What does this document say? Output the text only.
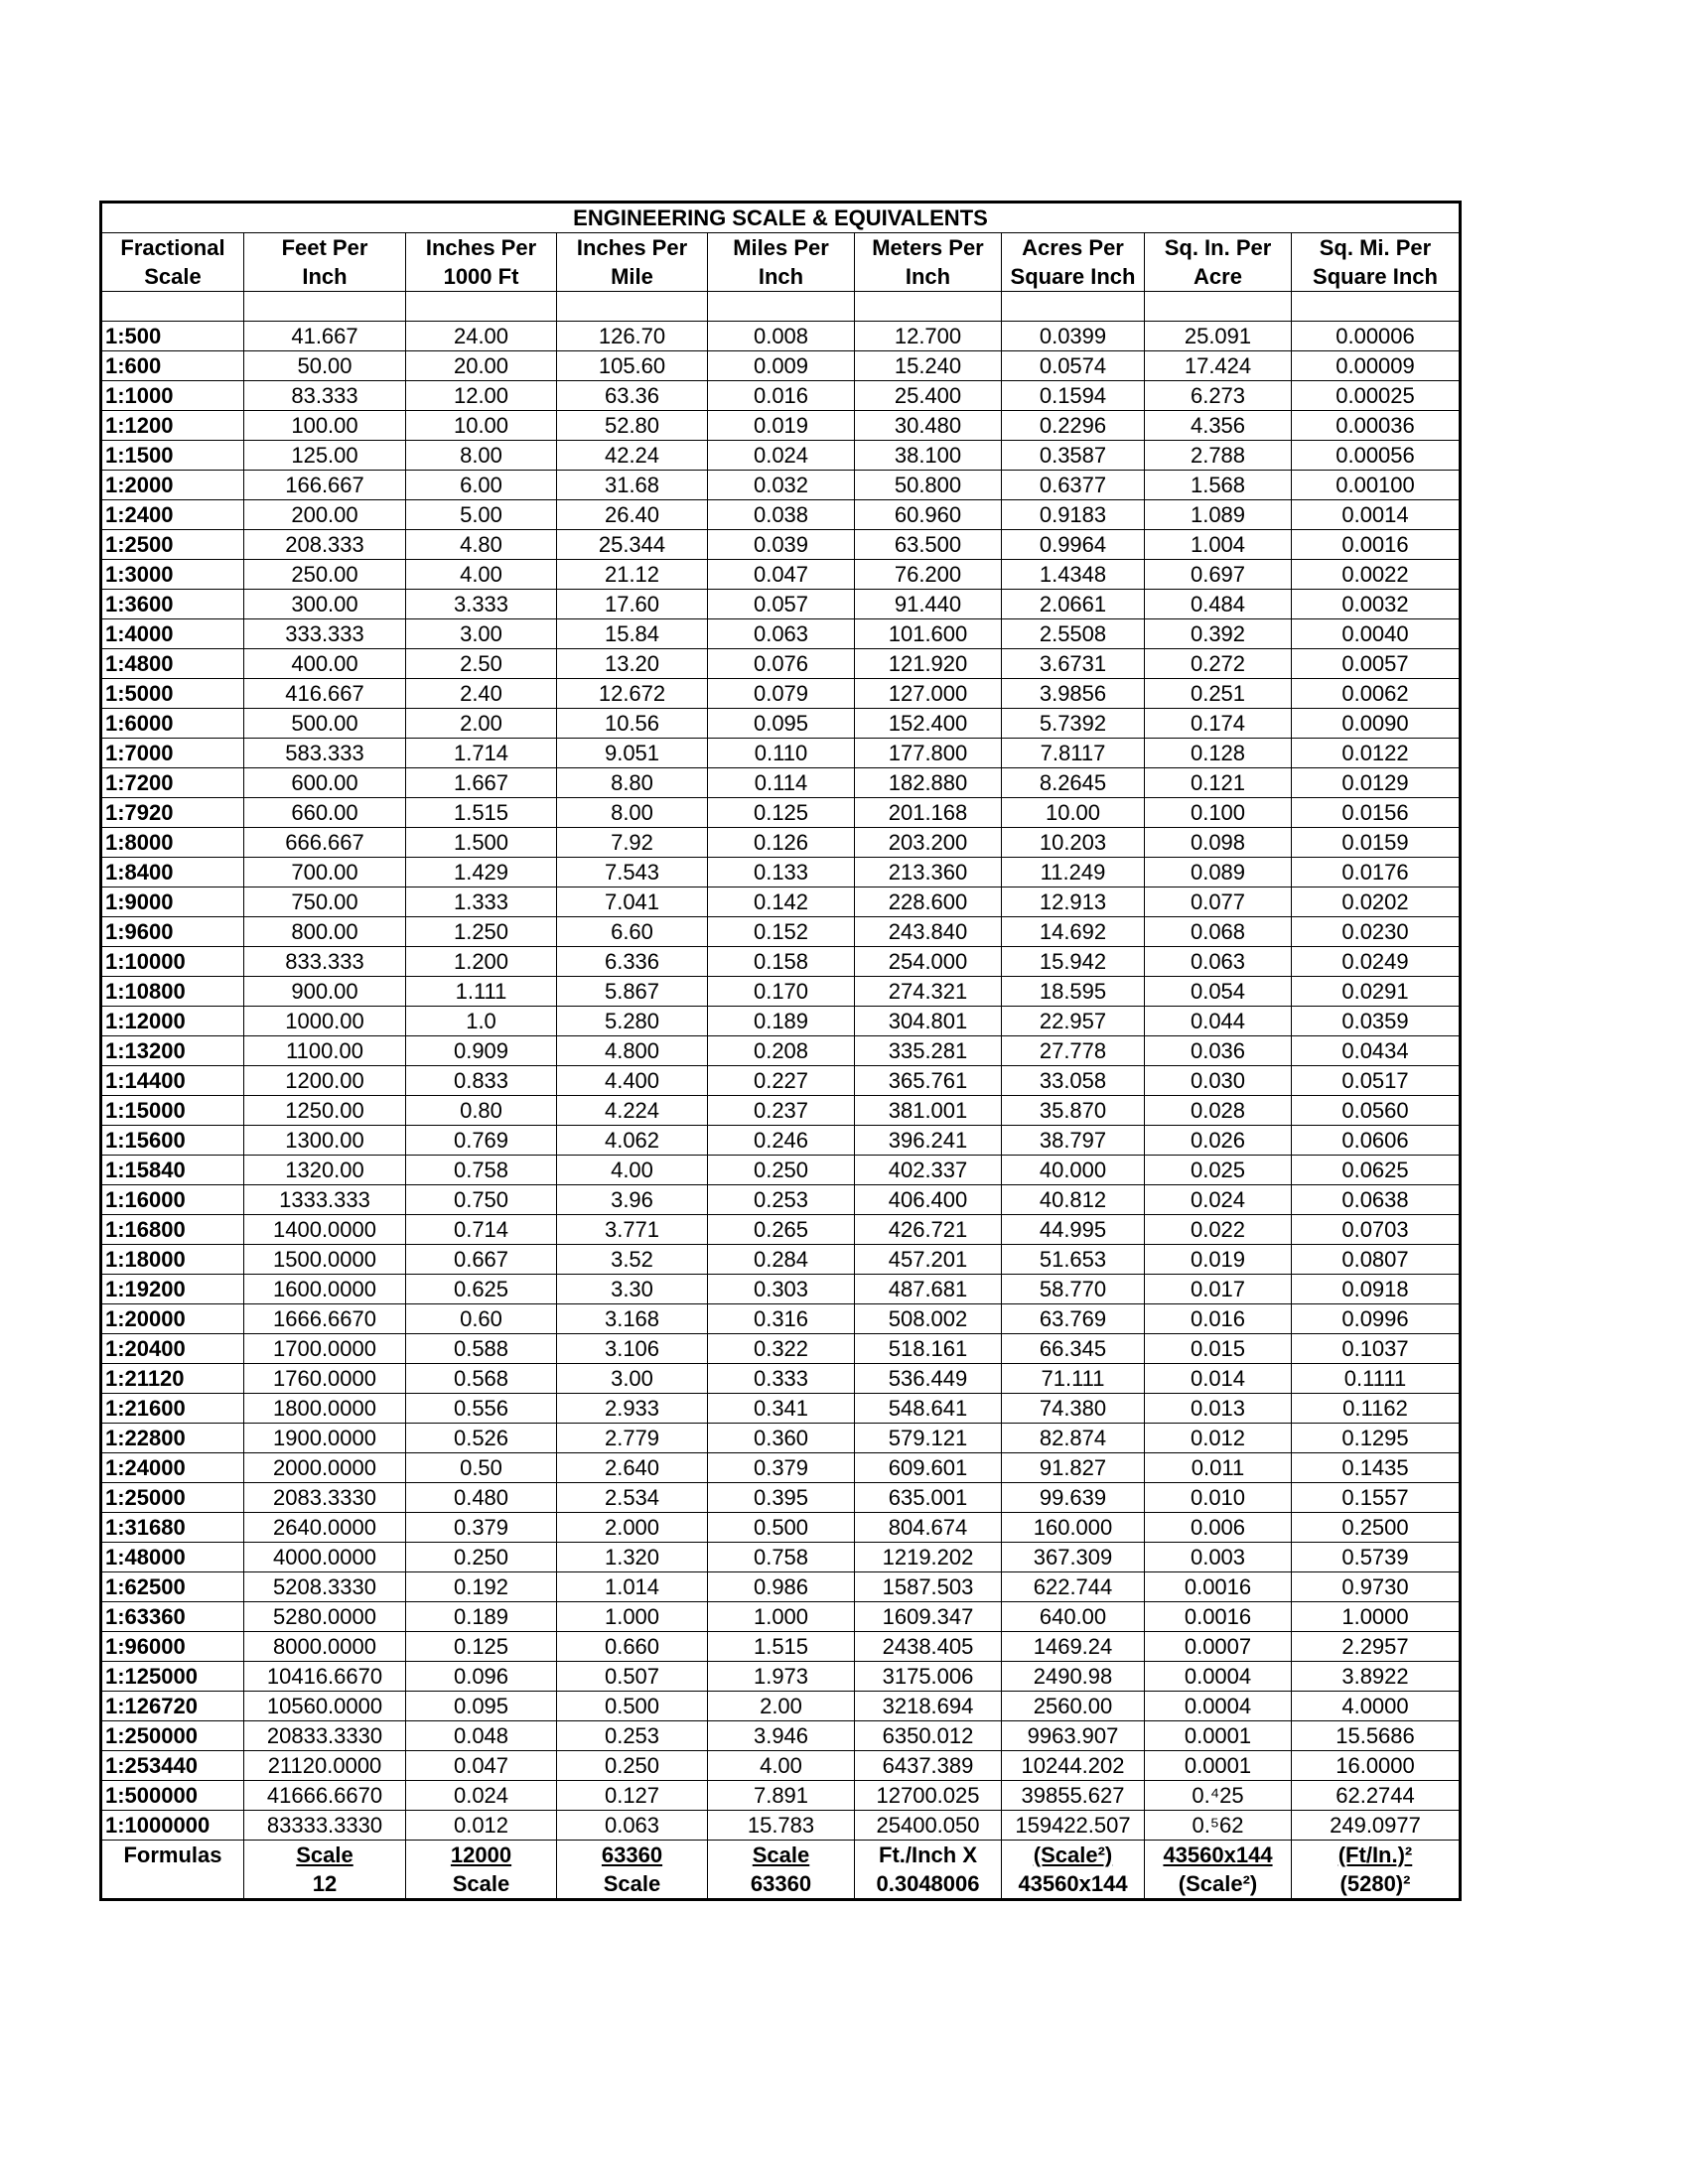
ENGINEERING SCALE & EQUIVALENTS								
Fractional	Feet Per	Inches Per	Inches Per	Miles Per	Meters Per	Acres Per	Sq. In. Per	Sq. Mi. Per
Scale	Inch	1000 Ft	Mile	Inch	Inch	Square Inch	Acre	Square Inch

1:500	41.667	24.00	126.70	0.008	12.700	0.0399	25.091	0.00006
1:600	50.00	20.00	105.60	0.009	15.240	0.0574	17.424	0.00009
1:1000	83.333	12.00	63.36	0.016	25.400	0.1594	6.273	0.00025
1:1200	100.00	10.00	52.80	0.019	30.480	0.2296	4.356	0.00036
1:1500	125.00	8.00	42.24	0.024	38.100	0.3587	2.788	0.00056
1:2000	166.667	6.00	31.68	0.032	50.800	0.6377	1.568	0.00100
1:2400	200.00	5.00	26.40	0.038	60.960	0.9183	1.089	0.0014
1:2500	208.333	4.80	25.344	0.039	63.500	0.9964	1.004	0.0016
1:3000	250.00	4.00	21.12	0.047	76.200	1.4348	0.697	0.0022
1:3600	300.00	3.333	17.60	0.057	91.440	2.0661	0.484	0.0032
1:4000	333.333	3.00	15.84	0.063	101.600	2.5508	0.392	0.0040
1:4800	400.00	2.50	13.20	0.076	121.920	3.6731	0.272	0.0057
1:5000	416.667	2.40	12.672	0.079	127.000	3.9856	0.251	0.0062
1:6000	500.00	2.00	10.56	0.095	152.400	5.7392	0.174	0.0090
1:7000	583.333	1.714	9.051	0.110	177.800	7.8117	0.128	0.0122
1:7200	600.00	1.667	8.80	0.114	182.880	8.2645	0.121	0.0129
1:7920	660.00	1.515	8.00	0.125	201.168	10.00	0.100	0.0156
1:8000	666.667	1.500	7.92	0.126	203.200	10.203	0.098	0.0159
1:8400	700.00	1.429	7.543	0.133	213.360	11.249	0.089	0.0176
1:9000	750.00	1.333	7.041	0.142	228.600	12.913	0.077	0.0202
1:9600	800.00	1.250	6.60	0.152	243.840	14.692	0.068	0.0230
1:10000	833.333	1.200	6.336	0.158	254.000	15.942	0.063	0.0249
1:10800	900.00	1.111	5.867	0.170	274.321	18.595	0.054	0.0291
1:12000	1000.00	1.0	5.280	0.189	304.801	22.957	0.044	0.0359
1:13200	1100.00	0.909	4.800	0.208	335.281	27.778	0.036	0.0434
1:14400	1200.00	0.833	4.400	0.227	365.761	33.058	0.030	0.0517
1:15000	1250.00	0.80	4.224	0.237	381.001	35.870	0.028	0.0560
1:15600	1300.00	0.769	4.062	0.246	396.241	38.797	0.026	0.0606
1:15840	1320.00	0.758	4.00	0.250	402.337	40.000	0.025	0.0625
1:16000	1333.333	0.750	3.96	0.253	406.400	40.812	0.024	0.0638
1:16800	1400.0000	0.714	3.771	0.265	426.721	44.995	0.022	0.0703
1:18000	1500.0000	0.667	3.52	0.284	457.201	51.653	0.019	0.0807
1:19200	1600.0000	0.625	3.30	0.303	487.681	58.770	0.017	0.0918
1:20000	1666.6670	0.60	3.168	0.316	508.002	63.769	0.016	0.0996
1:20400	1700.0000	0.588	3.106	0.322	518.161	66.345	0.015	0.1037
1:21120	1760.0000	0.568	3.00	0.333	536.449	71.111	0.014	0.1111
1:21600	1800.0000	0.556	2.933	0.341	548.641	74.380	0.013	0.1162
1:22800	1900.0000	0.526	2.779	0.360	579.121	82.874	0.012	0.1295
1:24000	2000.0000	0.50	2.640	0.379	609.601	91.827	0.011	0.1435
1:25000	2083.3330	0.480	2.534	0.395	635.001	99.639	0.010	0.1557
1:31680	2640.0000	0.379	2.000	0.500	804.674	160.000	0.006	0.2500
1:48000	4000.0000	0.250	1.320	0.758	1219.202	367.309	0.003	0.5739
1:62500	5208.3330	0.192	1.014	0.986	1587.503	622.744	0.0016	0.9730
1:63360	5280.0000	0.189	1.000	1.000	1609.347	640.00	0.0016	1.0000
1:96000	8000.0000	0.125	0.660	1.515	2438.405	1469.24	0.0007	2.2957
1:125000	10416.6670	0.096	0.507	1.973	3175.006	2490.98	0.0004	3.8922
1:126720	10560.0000	0.095	0.500	2.00	3218.694	2560.00	0.0004	4.0000
1:250000	20833.3330	0.048	0.253	3.946	6350.012	9963.907	0.0001	15.5686
1:253440	21120.0000	0.047	0.250	4.00	6437.389	10244.202	0.0001	16.0000
1:500000	41666.6670	0.024	0.127	7.891	12700.025	39855.627	0.⁴25	62.2744
1:1000000	83333.3330	0.012	0.063	15.783	25400.050	159422.507	0.⁵62	249.0977
Formulas	Scale	12000	63360	Scale	Ft./Inch X	(Scale²)	43560x144	(Ft/In.)²
	12	Scale	Scale	63360	0.3048006	43560x144	(Scale²)	(5280)²
